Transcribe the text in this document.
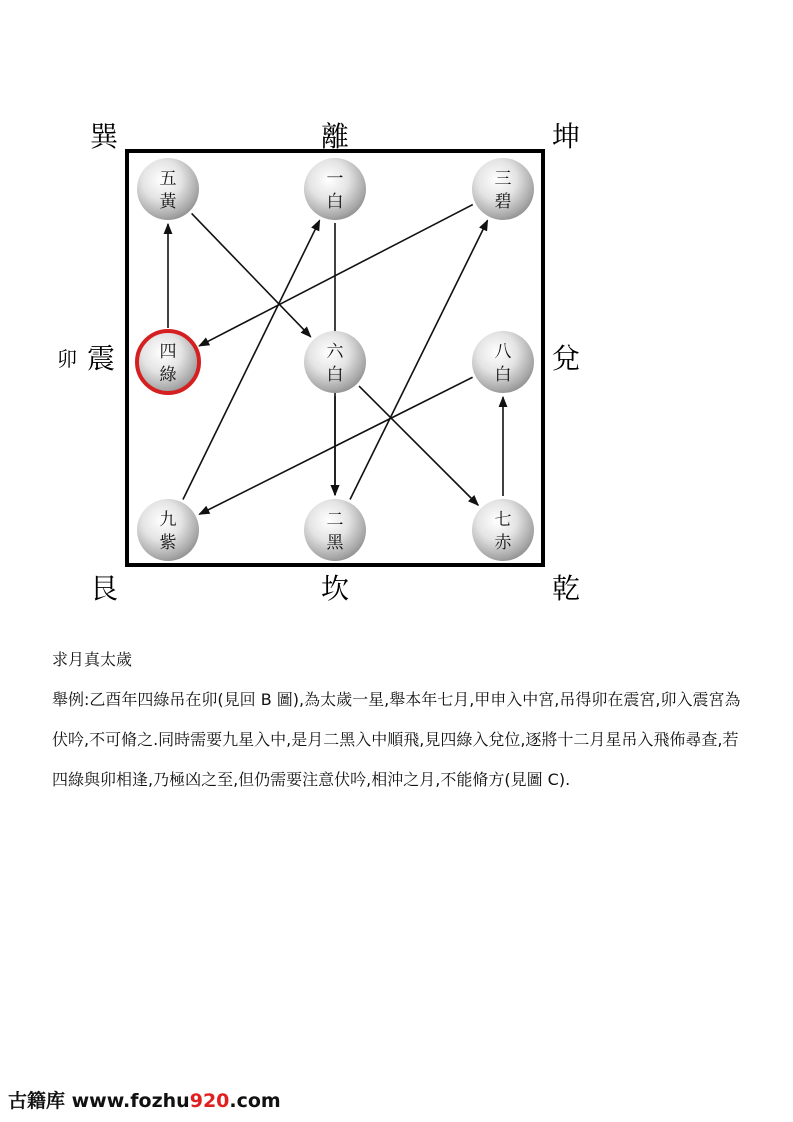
巽	離	坤
卯 震	兌
艮	坎	乾
五
黃
一
白
三
碧
四
綠
六
白
八
白
九
紫
二
黑
七
赤
求月真太歲
舉例:乙酉年四綠吊在卯(見回 B 圖),為太歲一星,舉本年七月,甲申入中宮,吊得卯在震宮,卯入震宮為伏吟,不可脩之.同時需要九星入中,是月二黑入中順飛,見四綠入兌位,逐將十二月星吊入飛佈尋查,若四綠與卯相逢,乃極凶之至,但仍需要注意伏吟,相沖之月,不能脩方(見圖 C).
古籍库 www.fozhu920.com
